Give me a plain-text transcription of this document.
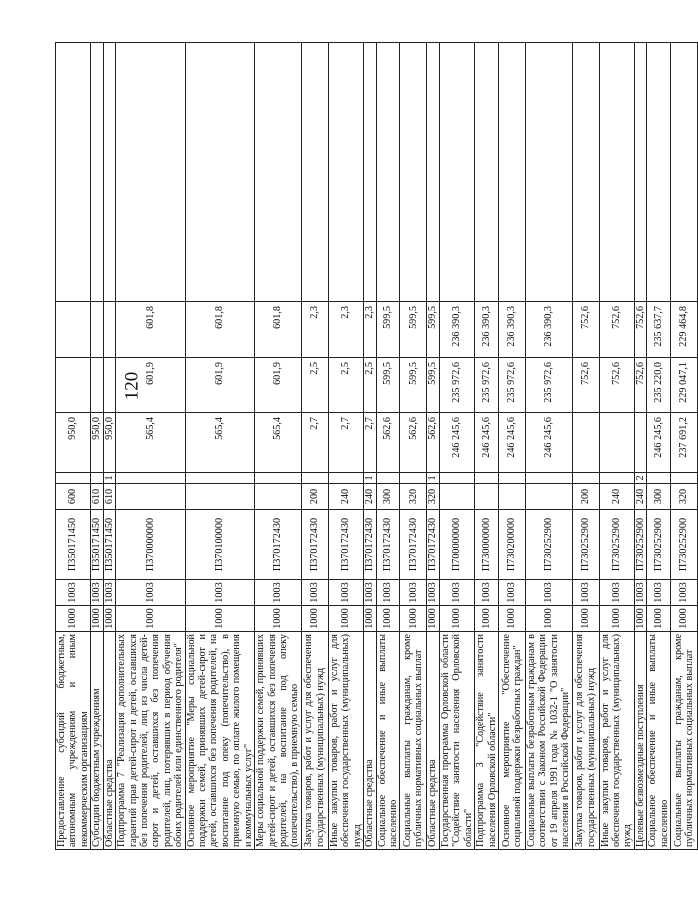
120
Предоставление субсидий бюджетным, автономным учреждениям и иным некоммерческим организациям	1000	1003	П350171450	600		950,0			
Субсидии бюджетным учреждениям	1000	1003	П350171450	610		950,0			
Областные средства	1000	1003	П350171450	610	1	950,0			
Подпрограмма 7 "Реализация дополнительных гарантий прав детей-сирот и детей, оставшихся без попечения родителей, лиц из числа детей-сирот и детей, оставшихся без попечения родителей, лиц, потерявших в период обучения обоих родителей или единственного родителя"	1000	1003	П370000000			565,4	601,9	601,8	
Основное мероприятие "Меры социальной поддержки семей, принявших детей-сирот и детей, оставшихся без попечения родителей, на воспитание под опеку (попечительство), в приемную семью, по оплате жилого помещения и коммунальных услуг"	1000	1003	П370100000			565,4	601,9	601,8	
Меры социальной поддержки семей, принявших детей-сирот и детей, оставшихся без попечения родителей, на воспитание под опеку (попечительство), в приемную семью	1000	1003	П370172430			565,4	601,9	601,8	
Закупка товаров, работ и услуг для обеспечения государственных (муниципальных) нужд	1000	1003	П370172430	200		2,7	2,5	2,3	
Иные закупки товаров, работ и услуг для обеспечения государственных (муниципальных) нужд	1000	1003	П370172430	240		2,7	2,5	2,3	
Областные средства	1000	1003	П370172430	240	1	2,7	2,5	2,3	
Социальное обеспечение и иные выплаты населению	1000	1003	П370172430	300		562,6	599,5	599,5	
Социальные выплаты гражданам, кроме публичных нормативных социальных выплат	1000	1003	П370172430	320		562,6	599,5	599,5	
Областные средства	1000	1003	П370172430	320	1	562,6	599,5	599,5	
Государственная программа Орловской области "Содействие занятости населения Орловской области"	1000	1003	П700000000			246 245,6	235 972,6	236 390,3	
Подпрограмма 3 "Содействие занятости населения Орловской области"	1000	1003	П730000000			246 245,6	235 972,6	236 390,3	
Основное мероприятие "Обеспечение социальной поддержки безработных граждан"	1000	1003	П730200000			246 245,6	235 972,6	236 390,3	
Социальные выплаты безработным гражданам в соответствии с Законом Российской Федерации от 19 апреля 1991 года № 1032-1 "О занятости населения в Российской Федерации"	1000	1003	П730252900			246 245,6	235 972,6	236 390,3	
Закупка товаров, работ и услуг для обеспечения государственных (муниципальных) нужд	1000	1003	П730252900	200			752,6	752,6	
Иные закупки товаров, работ и услуг для обеспечения государственных (муниципальных) нужд	1000	1003	П730252900	240			752,6	752,6	
Целевые безвозмездные поступления	1000	1003	П730252900	240	2		752,6	752,6	
Социальное обеспечение и иные выплаты населению	1000	1003	П730252900	300		246 245,6	235 220,0	235 637,7	
Социальные выплаты гражданам, кроме публичных нормативных социальных выплат	1000	1003	П730252900	320		237 691,2	229 047,1	229 464,8	
